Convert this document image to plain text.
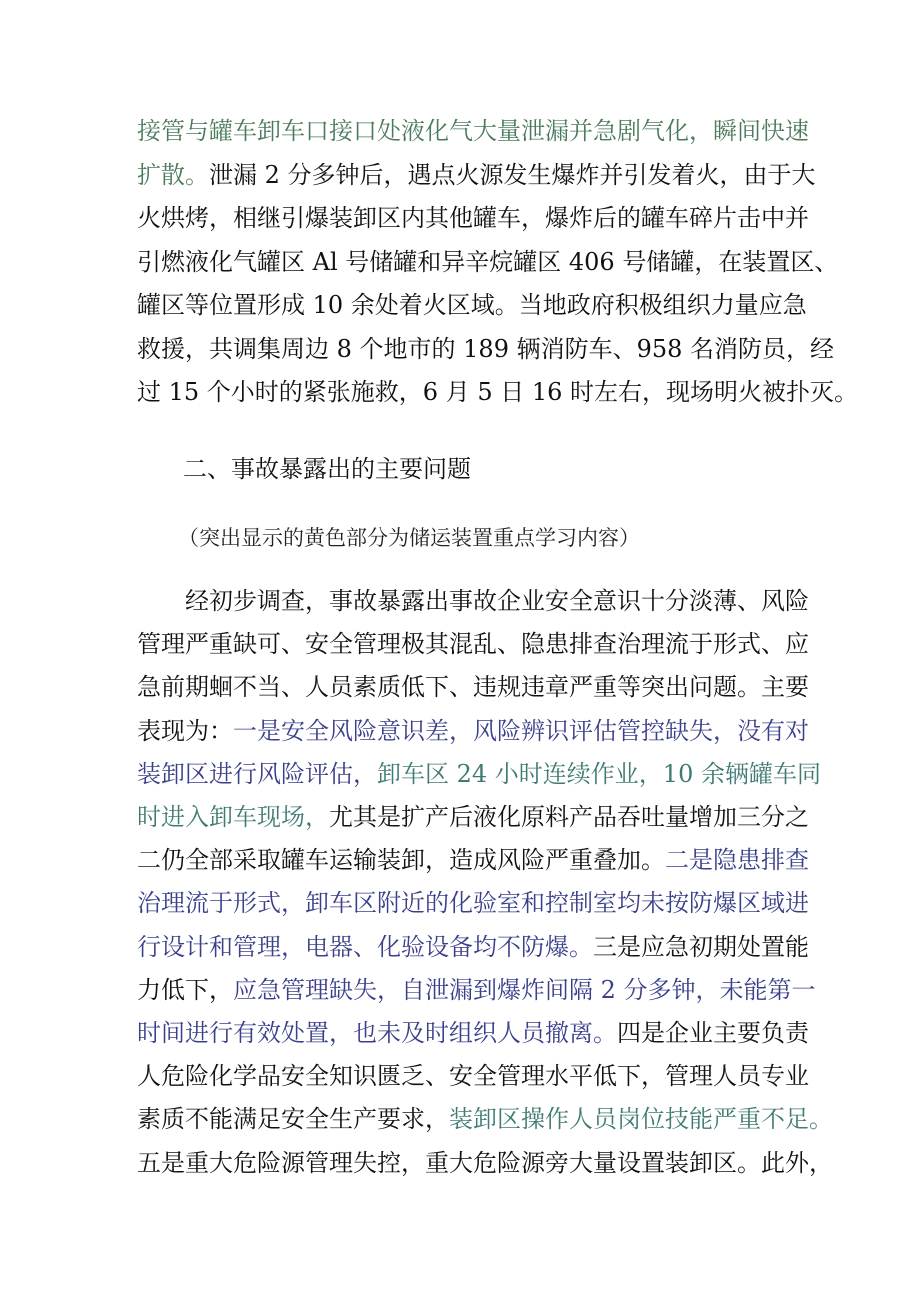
接管与罐车卸车口接口处液化气大量泄漏并急剧气化，瞬间快速
扩散。泄漏 2 分多钟后，遇点火源发生爆炸并引发着火，由于大
火烘烤，相继引爆装卸区内其他罐车，爆炸后的罐车碎片击中并
引燃液化气罐区 Al 号储罐和异辛烷罐区 406 号储罐，在装置区、
罐区等位置形成 10 余处着火区域。当地政府积极组织力量应急
救援，共调集周边 8 个地市的 189 辆消防车、958 名消防员，经
过 15 个小时的紧张施救，6 月 5 日 16 时左右，现场明火被扑灭。
二、事故暴露出的主要问题
（突出显示的黄色部分为储运装置重点学习内容）
经初步调查，事故暴露出事故企业安全意识十分淡薄、风险
管理严重缺可、安全管理极其混乱、隐患排查治理流于形式、应
急前期蛔不当、人员素质低下、违规违章严重等突出问题。主要
表现为：一是安全风险意识差，风险辨识评估管控缺失，没有对
装卸区进行风险评估，卸车区 24 小时连续作业，10 余辆罐车同
时进入卸车现场，尤其是扩产后液化原料产品吞吐量增加三分之
二仍全部采取罐车运输装卸，造成风险严重叠加。二是隐患排查
治理流于形式，卸车区附近的化验室和控制室均未按防爆区域进
行设计和管理，电器、化验设备均不防爆。三是应急初期处置能
力低下，应急管理缺失，自泄漏到爆炸间隔 2 分多钟，未能第一
时间进行有效处置，也未及时组织人员撤离。四是企业主要负责
人危险化学品安全知识匮乏、安全管理水平低下，管理人员专业
素质不能满足安全生产要求，装卸区操作人员岗位技能严重不足。
五是重大危险源管理失控，重大危险源旁大量设置装卸区。此外，
